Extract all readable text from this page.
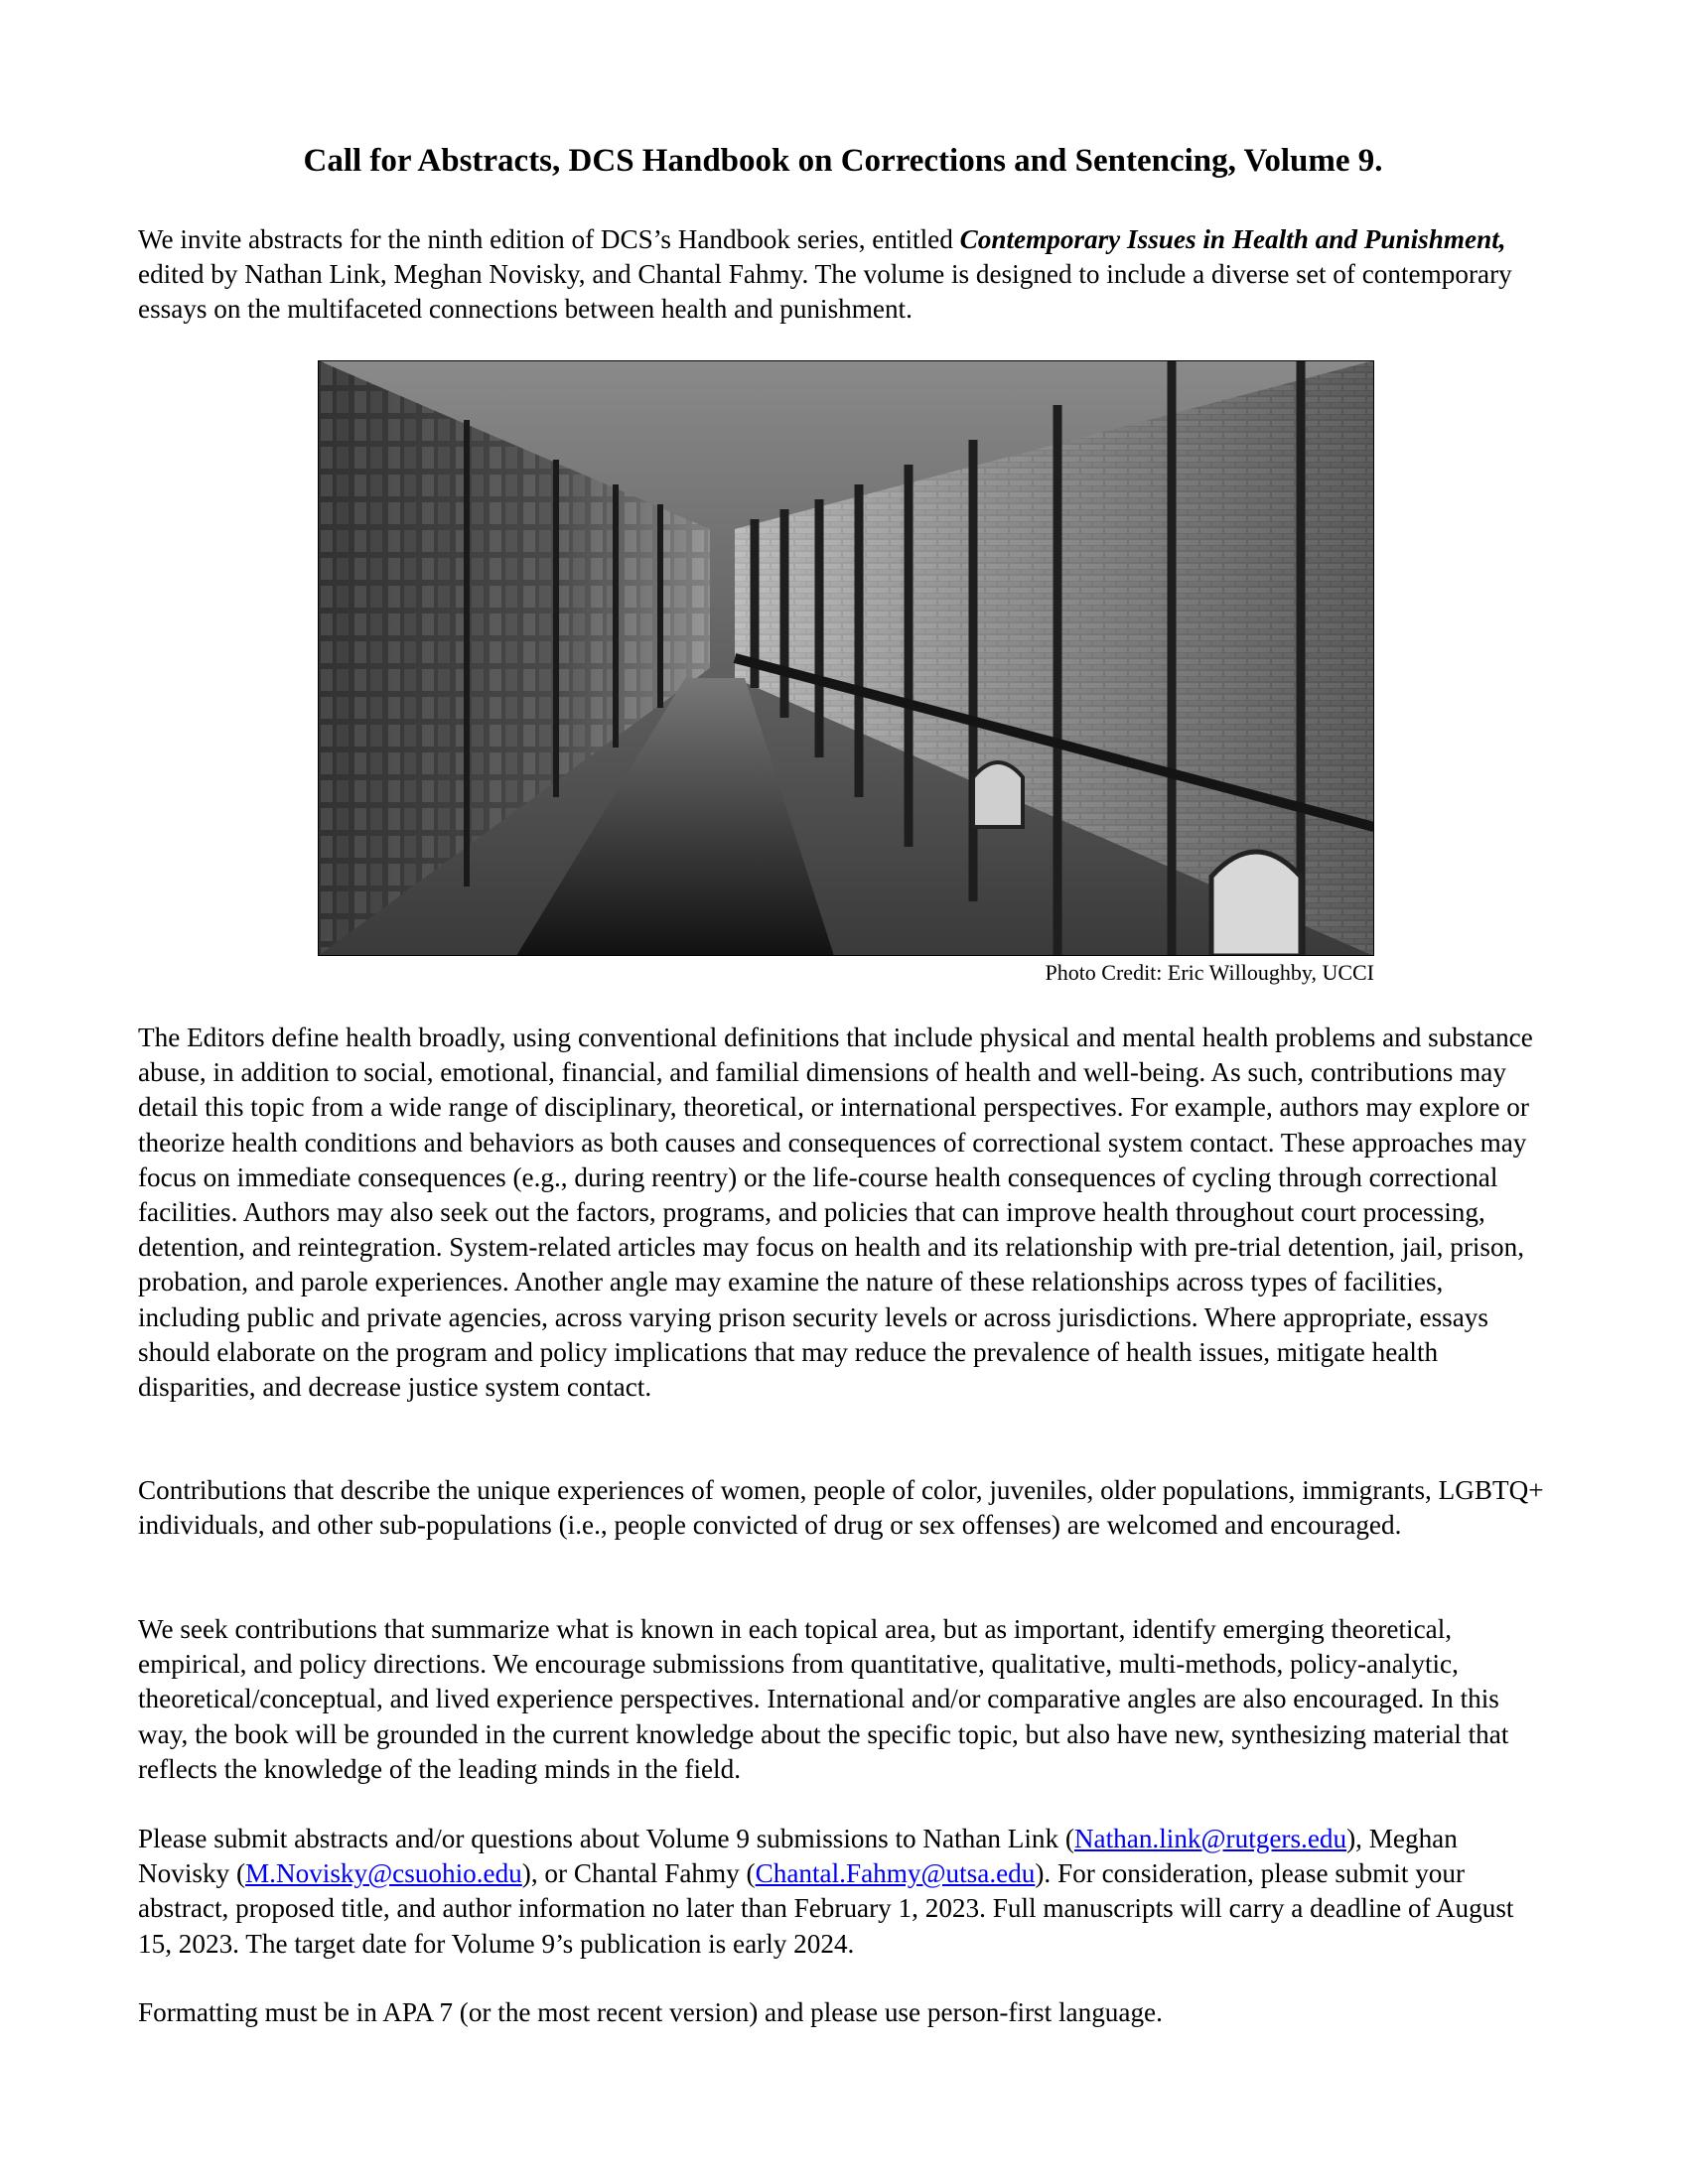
Call for Abstracts, DCS Handbook on Corrections and Sentencing, Volume 9.

We invite abstracts for the ninth edition of DCS’s Handbook series, entitled Contemporary Issues in Health and Punishment, edited by Nathan Link, Meghan Novisky, and Chantal Fahmy. The volume is designed to include a diverse set of contemporary essays on the multifaceted connections between health and punishment.

Photo Credit: Eric Willoughby, UCCI

The Editors define health broadly, using conventional definitions that include physical and mental health problems and substance abuse, in addition to social, emotional, financial, and familial dimensions of health and well-being. As such, contributions may detail this topic from a wide range of disciplinary, theoretical, or international perspectives. For example, authors may explore or theorize health conditions and behaviors as both causes and consequences of correctional system contact. These approaches may focus on immediate consequences (e.g., during reentry) or the life-course health consequences of cycling through correctional facilities. Authors may also seek out the factors, programs, and policies that can improve health throughout court processing, detention, and reintegration. System-related articles may focus on health and its relationship with pre-trial detention, jail, prison, probation, and parole experiences. Another angle may examine the nature of these relationships across types of facilities, including public and private agencies, across varying prison security levels or across jurisdictions. Where appropriate, essays should elaborate on the program and policy implications that may reduce the prevalence of health issues, mitigate health disparities, and decrease justice system contact.

Contributions that describe the unique experiences of women, people of color, juveniles, older populations, immigrants, LGBTQ+ individuals, and other sub-populations (i.e., people convicted of drug or sex offenses) are welcomed and encouraged.

We seek contributions that summarize what is known in each topical area, but as important, identify emerging theoretical, empirical, and policy directions. We encourage submissions from quantitative, qualitative, multi-methods, policy-analytic, theoretical/conceptual, and lived experience perspectives. International and/or comparative angles are also encouraged. In this way, the book will be grounded in the current knowledge about the specific topic, but also have new, synthesizing material that reflects the knowledge of the leading minds in the field.

Please submit abstracts and/or questions about Volume 9 submissions to Nathan Link (Nathan.link@rutgers.edu), Meghan Novisky (M.Novisky@csuohio.edu), or Chantal Fahmy (Chantal.Fahmy@utsa.edu). For consideration, please submit your abstract, proposed title, and author information no later than February 1, 2023. Full manuscripts will carry a deadline of August 15, 2023. The target date for Volume 9’s publication is early 2024.

Formatting must be in APA 7 (or the most recent version) and please use person-first language.
